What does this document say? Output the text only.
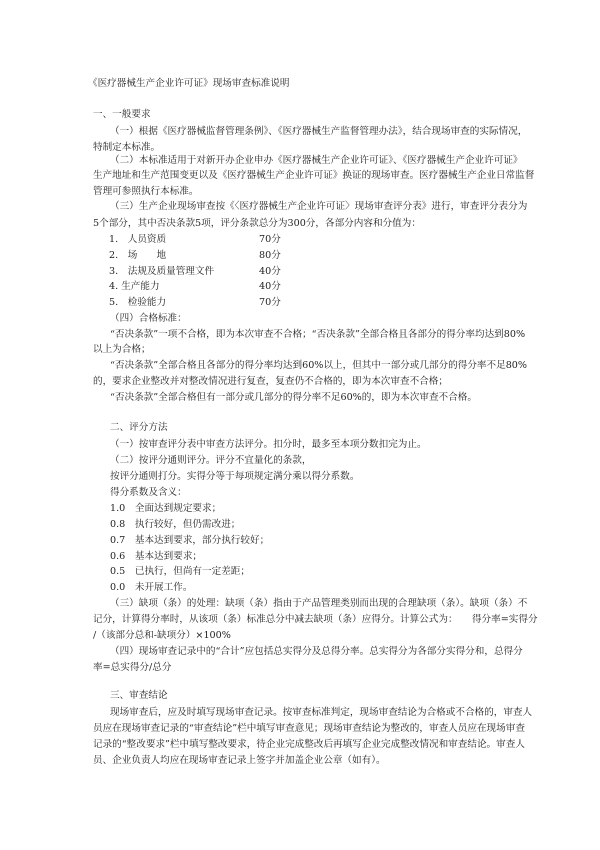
《医疗器械生产企业许可证》现场审查标准说明
一、一般要求
（一）根据《医疗器械监督管理条例》、《医疗器械生产监督管理办法》，结合现场审查的实际情况，
特制定本标准。
（二）本标准适用于对新开办企业申办《医疗器械生产企业许可证》、《医疗器械生产企业许可证》
生产地址和生产范围变更以及《医疗器械生产企业许可证》换证的现场审查。医疗器械生产企业日常监督
管理可参照执行本标准。
（三）生产企业现场审查按《〈医疗器械生产企业许可证〉现场审查评分表》进行，审查评分表分为
5个部分，其中否决条款5项，评分条款总分为300分，各部分内容和分值为：
1.　人员资质	70分
2.　场　　地	80分
3.　法规及质量管理文件	40分
4. 生产能力	40分
5.　检验能力	70分
（四）合格标准：
“否决条款”一项不合格，即为本次审查不合格；“否决条款”全部合格且各部分的得分率均达到80%
以上为合格；
“否决条款”全部合格且各部分的得分率均达到60%以上，但其中一部分或几部分的得分率不足80%
的，要求企业整改并对整改情况进行复查，复查仍不合格的，即为本次审查不合格；
“否决条款”全部合格但有一部分或几部分的得分率不足60%的，即为本次审查不合格。
二、评分方法
（一）按审查评分表中审查方法评分。扣分时，最多至本项分数扣完为止。
（二）按评分通则评分。评分不宜量化的条款，
按评分通则打分。实得分等于每项规定满分乘以得分系数。
得分系数及含义：
1.0　全面达到规定要求；
0.8　执行较好，但仍需改进；
0.7　基本达到要求，部分执行较好；
0.6　基本达到要求；
0.5　已执行，但尚有一定差距；
0.0　未开展工作。
（三）缺项（条）的处理：缺项（条）指由于产品管理类别而出现的合理缺项（条）。缺项（条）不
记分，计算得分率时，从该项（条）标准总分中减去缺项（条）应得分。计算公式为：　　得分率=实得分
/（该部分总和-缺项分）×100%
（四）现场审查记录中的“合计”应包括总实得分及总得分率。总实得分为各部分实得分和，总得分
率=总实得分/总分
三、审查结论
现场审查后，应及时填写现场审查记录。按审查标准判定，现场审查结论为合格或不合格的，审查人
员应在现场审查记录的“审查结论”栏中填写审查意见；现场审查结论为整改的，审查人员应在现场审查
记录的“整改要求”栏中填写整改要求，待企业完成整改后再填写企业完成整改情况和审查结论。审查人
员、企业负责人均应在现场审查记录上签字并加盖企业公章（如有）。
